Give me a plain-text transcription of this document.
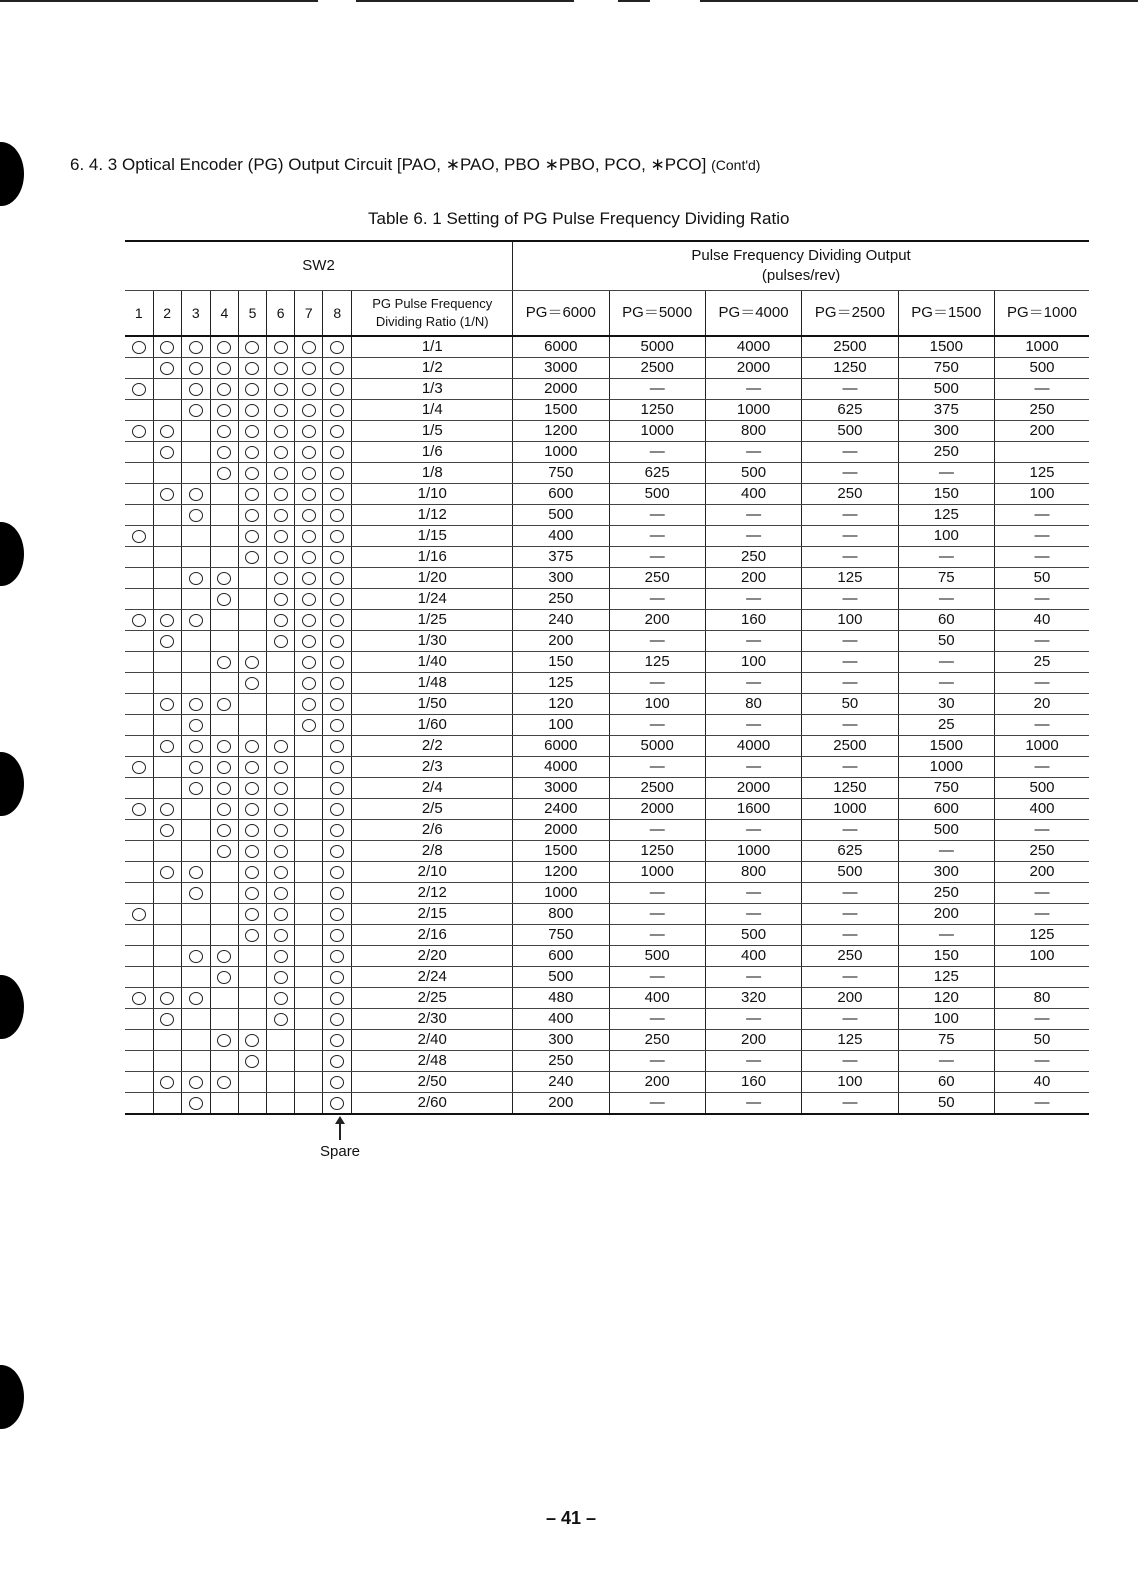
6. 4. 3 Optical Encoder (PG) Output Circuit [PAO, ∗PAO, PBO ∗PBO, PCO, ∗PCO] (Cont'd)
Table 6. 1 Setting of PG Pulse Frequency Dividing Ratio
SW2									Pulse Frequency Dividing Output
(pulses/rev)					

1	2	3	4	5	6	7	8	PG Pulse Frequency
Dividing Ratio (1/N)	PG＝6000	PG＝5000	PG＝4000	PG＝2500	PG＝1500	PG＝1000
								1/1	6000	5000	4000	2500	1500	1000
								1/2	3000	2500	2000	1250	750	500
								1/3	2000	—	—	—	500	—
								1/4	1500	1250	1000	625	375	250
								1/5	1200	1000	800	500	300	200
								1/6	1000	—	—	—	250	
								1/8	750	625	500	—	—	125
								1/10	600	500	400	250	150	100
								1/12	500	—	—	—	125	—
								1/15	400	—	—	—	100	—
								1/16	375	—	250	—	—	—
								1/20	300	250	200	125	75	50
								1/24	250	—	—	—	—	—
								1/25	240	200	160	100	60	40
								1/30	200	—	—	—	50	—
								1/40	150	125	100	—	—	25
								1/48	125	—	—	—	—	—
								1/50	120	100	80	50	30	20
								1/60	100	—	—	—	25	—
								2/2	6000	5000	4000	2500	1500	1000
								2/3	4000	—	—	—	1000	—
								2/4	3000	2500	2000	1250	750	500
								2/5	2400	2000	1600	1000	600	400
								2/6	2000	—	—	—	500	—
								2/8	1500	1250	1000	625	—	250
								2/10	1200	1000	800	500	300	200
								2/12	1000	—	—	—	250	—
								2/15	800	—	—	—	200	—
								2/16	750	—	500	—	—	125
								2/20	600	500	400	250	150	100
								2/24	500	—	—	—	125	
								2/25	480	400	320	200	120	80
								2/30	400	—	—	—	100	—
								2/40	300	250	200	125	75	50
								2/48	250	—	—	—	—	—
								2/50	240	200	160	100	60	40
								2/60	200	—	—	—	50	—
Spare
– 41 –
